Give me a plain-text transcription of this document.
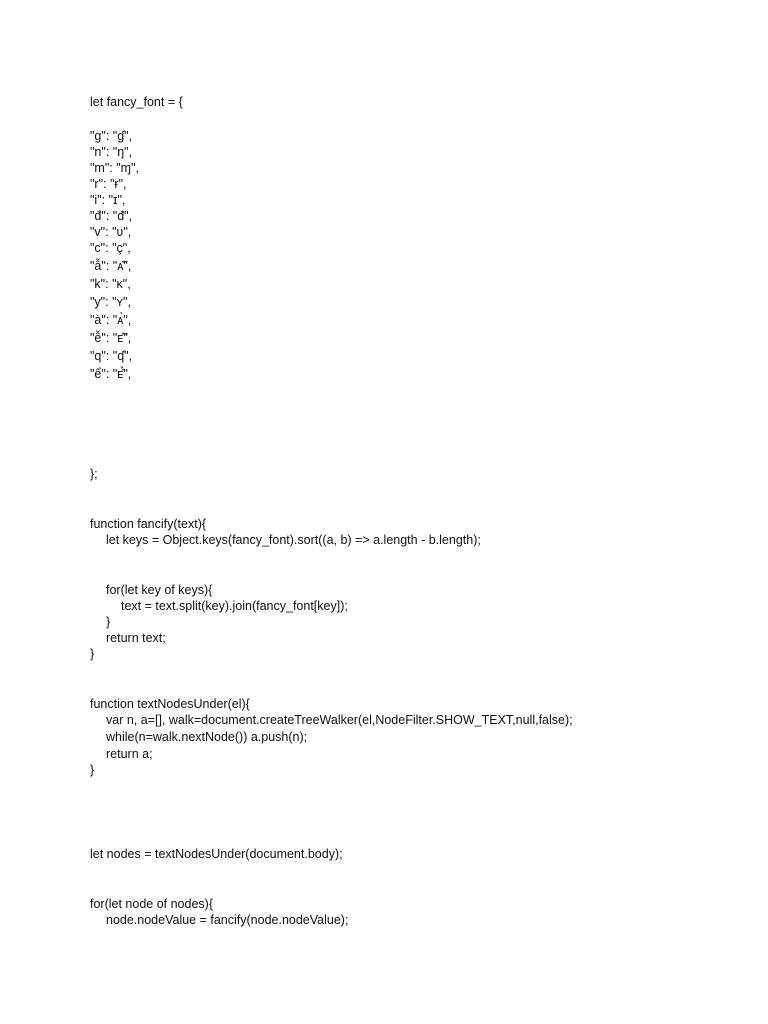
let fancy_font = {

"g": "ɠ",

"n": "ŋ",

"m": "ɱ",

"r": "ɍ",

"i": "ɪ",

"đ": "đ",

"v": "ʋ",

"c": "ç",

"ẫ": "ᴀ̃̂",

"k": "ᴋ",

"y": "ʏ",

"à": "ᴀ̀",

"ễ": "ᴇ̃̂",

"q": "ʠ",

"ể": "ᴇ̉̂",

};

function fancify(text){

let keys = Object.keys(fancy_font).sort((a, b) => a.length - b.length);

for(let key of keys){

text = text.split(key).join(fancy_font[key]);

}

return text;

}

function textNodesUnder(el){

var n, a=[], walk=document.createTreeWalker(el,NodeFilter.SHOW_TEXT,null,false);

while(n=walk.nextNode()) a.push(n);

return a;

}

let nodes = textNodesUnder(document.body);

for(let node of nodes){

node.nodeValue = fancify(node.nodeValue);
